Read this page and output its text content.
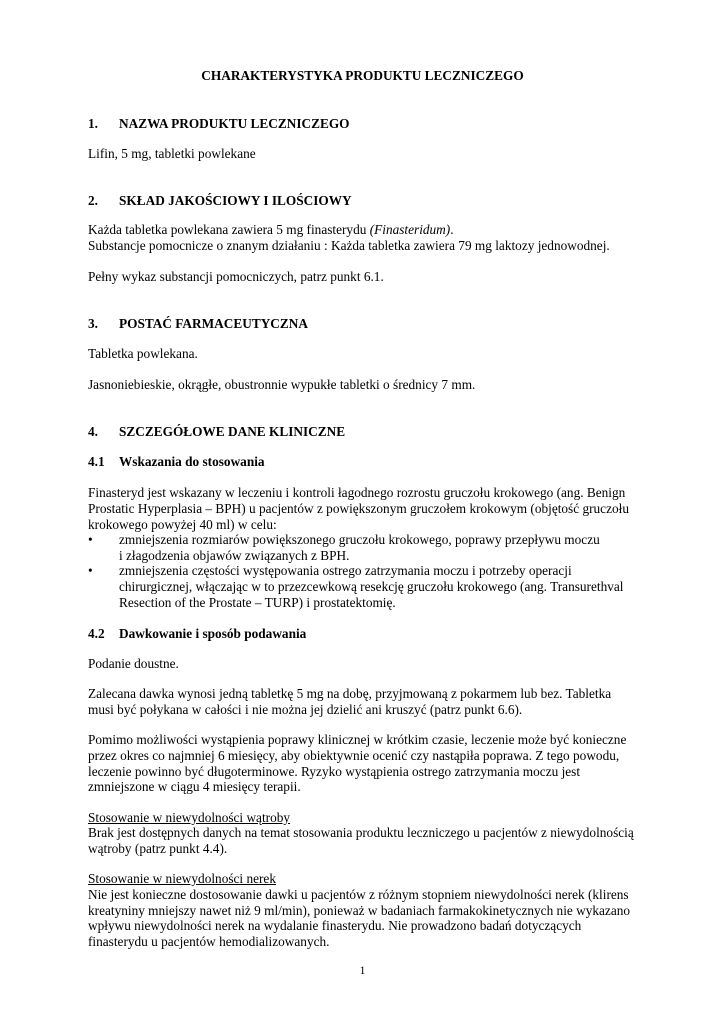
CHARAKTERYSTYKA PRODUKTU LECZNICZEGO
1. NAZWA PRODUKTU LECZNICZEGO
Lifin, 5 mg, tabletki powlekane
2. SKŁAD JAKOŚCIOWY I ILOŚCIOWY
Każda tabletka powlekana zawiera 5 mg finasterydu (Finasteridum).
Substancje pomocnicze o znanym działaniu : Każda tabletka zawiera 79 mg laktozy jednowodnej.
Pełny wykaz substancji pomocniczych, patrz punkt 6.1.
3. POSTAĆ FARMACEUTYCZNA
Tabletka powlekana.
Jasnoniebieskie, okrągłe, obustronnie wypukłe tabletki o średnicy 7 mm.
4. SZCZEGÓŁOWE DANE KLINICZNE
4.1 Wskazania do stosowania
Finasteryd jest wskazany w leczeniu i kontroli łagodnego rozrostu gruczołu krokowego (ang. Benign
Prostatic Hyperplasia – BPH) u pacjentów z powiększonym gruczołem krokowym (objętość gruczołu
krokowego powyżej 40 ml) w celu:
• zmniejszenia rozmiarów powiększonego gruczołu krokowego, poprawy przepływu moczu
i złagodzenia objawów związanych z BPH.
• zmniejszenia częstości występowania ostrego zatrzymania moczu i potrzeby operacji
chirurgicznej, włączając w to przezcewkową resekcję gruczołu krokowego (ang. Transurethval
Resection of the Prostate – TURP) i prostatektomię.
4.2 Dawkowanie i sposób podawania
Podanie doustne.
Zalecana dawka wynosi jedną tabletkę 5 mg na dobę, przyjmowaną z pokarmem lub bez. Tabletka
musi być połykana w całości i nie można jej dzielić ani kruszyć (patrz punkt 6.6).
Pomimo możliwości wystąpienia poprawy klinicznej w krótkim czasie, leczenie może być konieczne
przez okres co najmniej 6 miesięcy, aby obiektywnie ocenić czy nastąpiła poprawa. Z tego powodu,
leczenie powinno być długoterminowe. Ryzyko wystąpienia ostrego zatrzymania moczu jest
zmniejszone w ciągu 4 miesięcy terapii.
Stosowanie w niewydolności wątroby
Brak jest dostępnych danych na temat stosowania produktu leczniczego u pacjentów z niewydolnością
wątroby (patrz punkt 4.4).
Stosowanie w niewydolności nerek
Nie jest konieczne dostosowanie dawki u pacjentów z różnym stopniem niewydolności nerek (klirens
kreatyniny mniejszy nawet niż 9 ml/min), ponieważ w badaniach farmakokinetycznych nie wykazano
wpływu niewydolności nerek na wydalanie finasterydu. Nie prowadzono badań dotyczących
finasterydu u pacjentów hemodializowanych.
1
